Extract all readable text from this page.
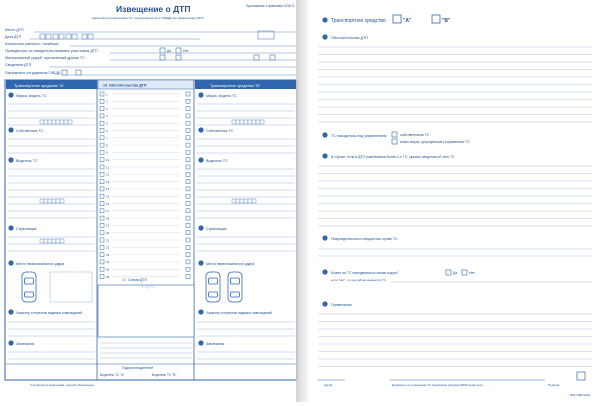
Извещение о ДТП	Приложение к правилам ОСАГО
(заполняется водителями ТС, предоставляется в ГИБДД при оформлении ДТП)
Место ДТП
Дата ДТП
Количество раненых / погибших
Проводилось ли освидетельствование участников ДТП
Материальный ущерб, причиненный другим ТС
Свидетели ДТП
Оформлено сотрудником ГИБДД
Да	Нет
Транспортное средство "A"	14. Обстоятельства ДТП	Транспортное средство "B"
Марка, модель ТС
Собственник ТС
Водитель ТС
Страховщик
Место первоначального удара
Характер и перечень видимых повреждений
Замечания
1
2
3
4
5
6
7
8
9
10
11
12
13
14
15
16
17
18
19
20
21
22
23
24
25
26
17. Схема ДТП
Р-Д РС
Марка, модель ТС
Собственник ТС
Водитель ТС
Страховщик
Место первоначального удара
Характер и перечень видимых повреждений
Замечания
Подписи водителей
Водитель ТС "A"	Водитель ТС "B"
Составляется водителями, подписи обязательны
Транспортное средство	"A"	"B"
Обстоятельства ДТП
ТС находилось под управлением	собственником ТС
иным лицом, допущенным к управлению ТС
В случае, если в ДТП участвовали более 2-х ТС, указать сведения об этих ТС
Повреждения иного имущества, кроме ТС
Может ли ТС передвигаться своим ходом?	Да	Нет
если "Нет", то где сейчас находится ТС
Примечание
(дата)	Документы в отношении ТС подписаны (подпись/ФИО водителя)	Подпись
Ф№ ИДП-0001
